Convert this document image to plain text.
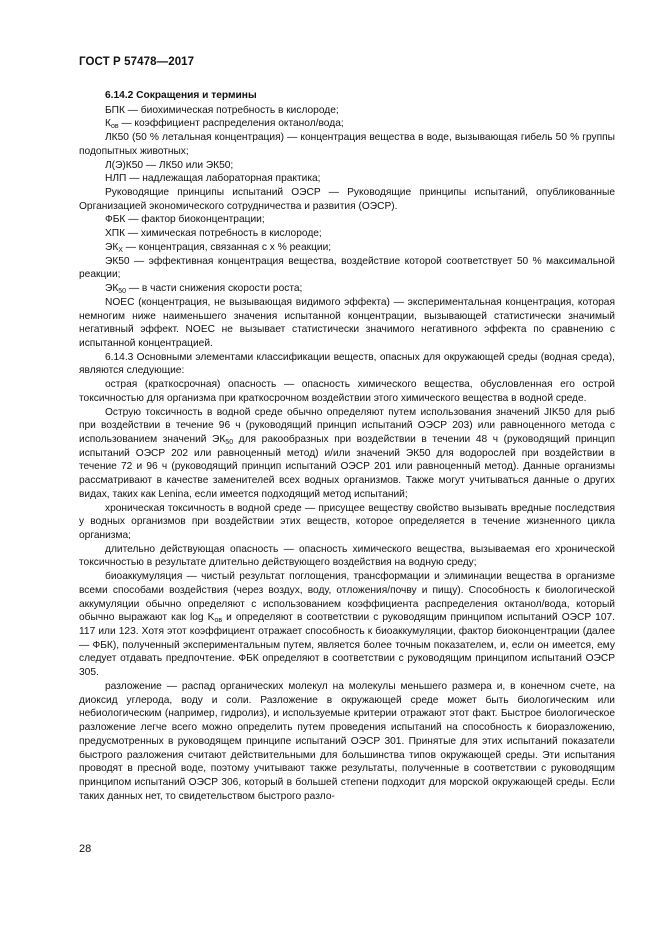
ГОСТ Р 57478—2017

6.14.2 Сокращения и термины

БПК — биохимическая потребность в кислороде;

$К_{ов}$ — коэффициент распределения октанол/вода;

ЛК50 (50 % летальная концентрация) — концентрация вещества в воде, вызывающая гибель 50 % группы подопытных животных;

Л(Э)К50 — ЛК50 или ЭК50;

НЛП — надлежащая лабораторная практика;

Руководящие принципы испытаний ОЭСР — Руководящие принципы испытаний, опубликованные Организацией экономического сотрудничества и развития (ОЭСР).

ФБК — фактор биоконцентрации;

ХПК — химическая потребность в кислороде;

$ЭК_X$ — концентрация, связанная с x % реакции;

ЭК50 — эффективная концентрация вещества, воздействие которой соответствует 50 % максимальной реакции;

$ЭК_{50}$ — в части снижения скорости роста;

NOEC (концентрация, не вызывающая видимого эффекта) — экспериментальная концентрация, которая немногим ниже наименьшего значения испытанной концентрации, вызывающей статистически значимый негативный эффект. NOEC не вызывает статистически значимого негативного эффекта по сравнению с испытанной концентрацией.

6.14.3 Основными элементами классификации веществ, опасных для окружающей среды (водная среда), являются следующие:

острая (краткосрочная) опасность — опасность химического вещества, обусловленная его острой токсичностью для организма при краткосрочном воздействии этого химического вещества в водной среде.

Острую токсичность в водной среде обычно определяют путем использования значений JIK50 для рыб при воздействии в течение 96 ч (руководящий принцип испытаний ОЭСР 203) или равноценного метода с использованием значений $ЭК_{50}$ для ракообразных при воздействии в течении 48 ч (руководящий принцип испытаний ОЭСР 202 или равноценный метод) и/или значений ЭК50 для водорослей при воздействии в течение 72 и 96 ч (руководящий принцип испытаний ОЭСР 201 или равноценный метод). Данные организмы рассматривают в качестве заменителей всех водных организмов. Также могут учитываться данные о других видах, таких как Lenina, если имеется подходящий метод испытаний;

хроническая токсичность в водной среде — присущее веществу свойство вызывать вредные последствия у водных организмов при воздействии этих веществ, которое определяется в течение жизненного цикла организма;

длительно действующая опасность — опасность химического вещества, вызываемая его хронической токсичностью в результате длительно действующего воздействия на водную среду;

биоаккумуляция — чистый результат поглощения, трансформации и элиминации вещества в организме всеми способами воздействия (через воздух, воду, отложения/почву и пищу). Способность к биологической аккумуляции обычно определяют с использованием коэффициента распределения октанол/вода, который обычно выражают как $\log K_{ов}$ и определяют в соответствии с руководящим принципом испытаний ОЭСР 107. 117 или 123. Хотя этот коэффициент отражает способность к биоаккумуляции, фактор биоконцентрации (далее — ФБК), полученный экспериментальным путем, является более точным показателем, и, если он имеется, ему следует отдавать предпочтение. ФБК определяют в соответствии с руководящим принципом испытаний ОЭСР 305.

разложение — распад органических молекул на молекулы меньшего размера и, в конечном счете, на диоксид углерода, воду и соли. Разложение в окружающей среде может быть биологическим или небиологическим (например, гидролиз), и используемые критерии отражают этот факт. Быстрое биологическое разложение легче всего можно определить путем проведения испытаний на способность к биоразложению, предусмотренных в руководящем принципе испытаний ОЭСР 301. Принятые для этих испытаний показатели быстрого разложения считают действительными для большинства типов окружающей среды. Эти испытания проводят в пресной воде, поэтому учитывают также результаты, полученные в соответствии с руководящим принципом испытаний ОЭСР 306, который в большей степени подходит для морской окружающей среды. Если таких данных нет, то свидетельством быстрого разло-

28
